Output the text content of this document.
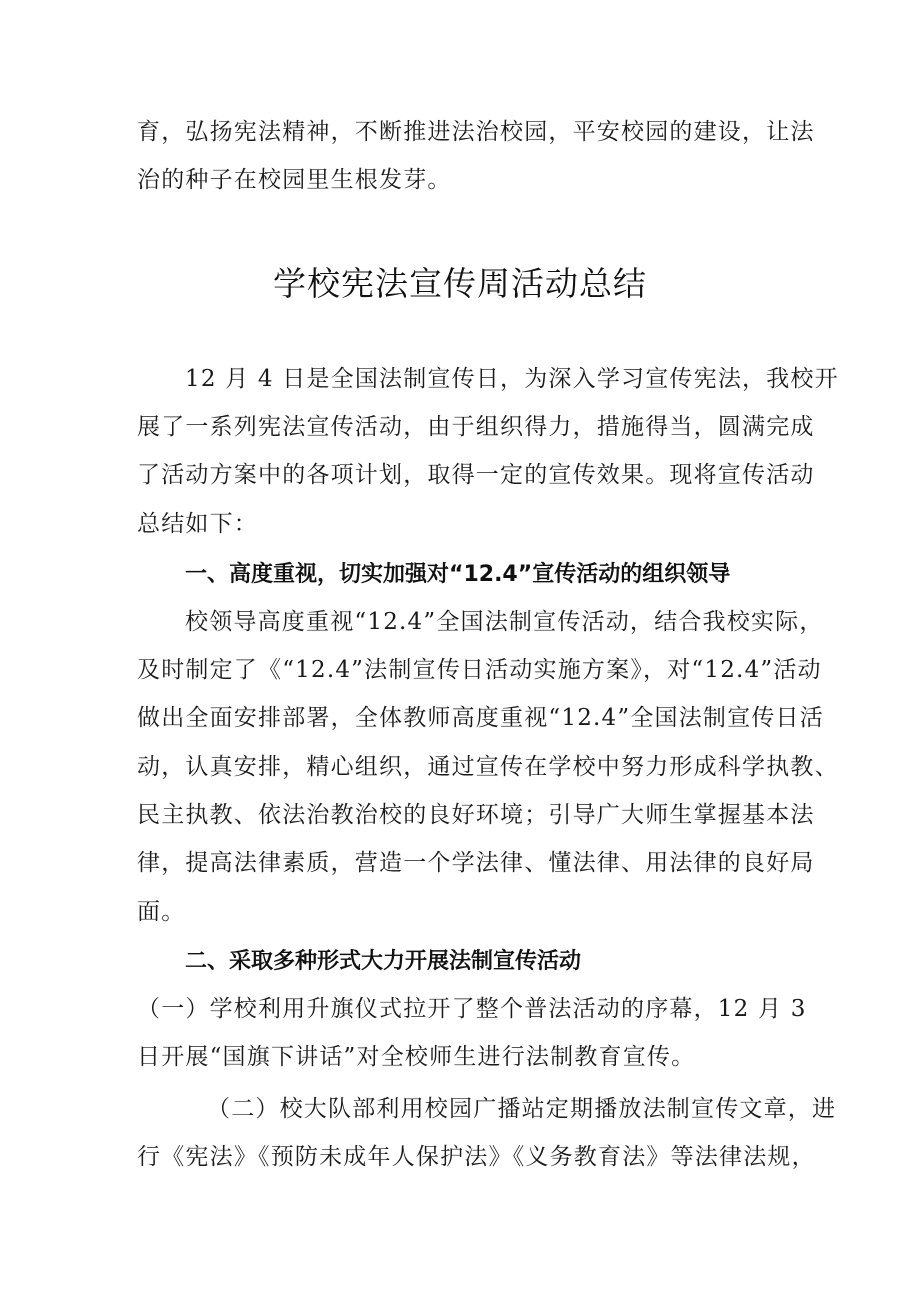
育，弘扬宪法精神，不断推进法治校园，平安校园的建设，让法
治的种子在校园里生根发芽。
学校宪法宣传周活动总结
12 月 4 日是全国法制宣传日，为深入学习宣传宪法，我校开
展了一系列宪法宣传活动，由于组织得力，措施得当，圆满完成
了活动方案中的各项计划，取得一定的宣传效果。现将宣传活动
总结如下：
一、高度重视，切实加强对“12.4”宣传活动的组织领导
校领导高度重视“12.4”全国法制宣传活动，结合我校实际，
及时制定了《“12.4”法制宣传日活动实施方案》，对“12.4”活动
做出全面安排部署，全体教师高度重视“12.4”全国法制宣传日活
动，认真安排，精心组织，通过宣传在学校中努力形成科学执教、
民主执教、依法治教治校的良好环境；引导广大师生掌握基本法
律，提高法律素质，营造一个学法律、懂法律、用法律的良好局
面。
二、采取多种形式大力开展法制宣传活动
（一）学校利用升旗仪式拉开了整个普法活动的序幕，12 月 3
日开展“国旗下讲话”对全校师生进行法制教育宣传。
（二）校大队部利用校园广播站定期播放法制宣传文章，进
行《宪法》《预防未成年人保护法》《义务教育法》等法律法规，
